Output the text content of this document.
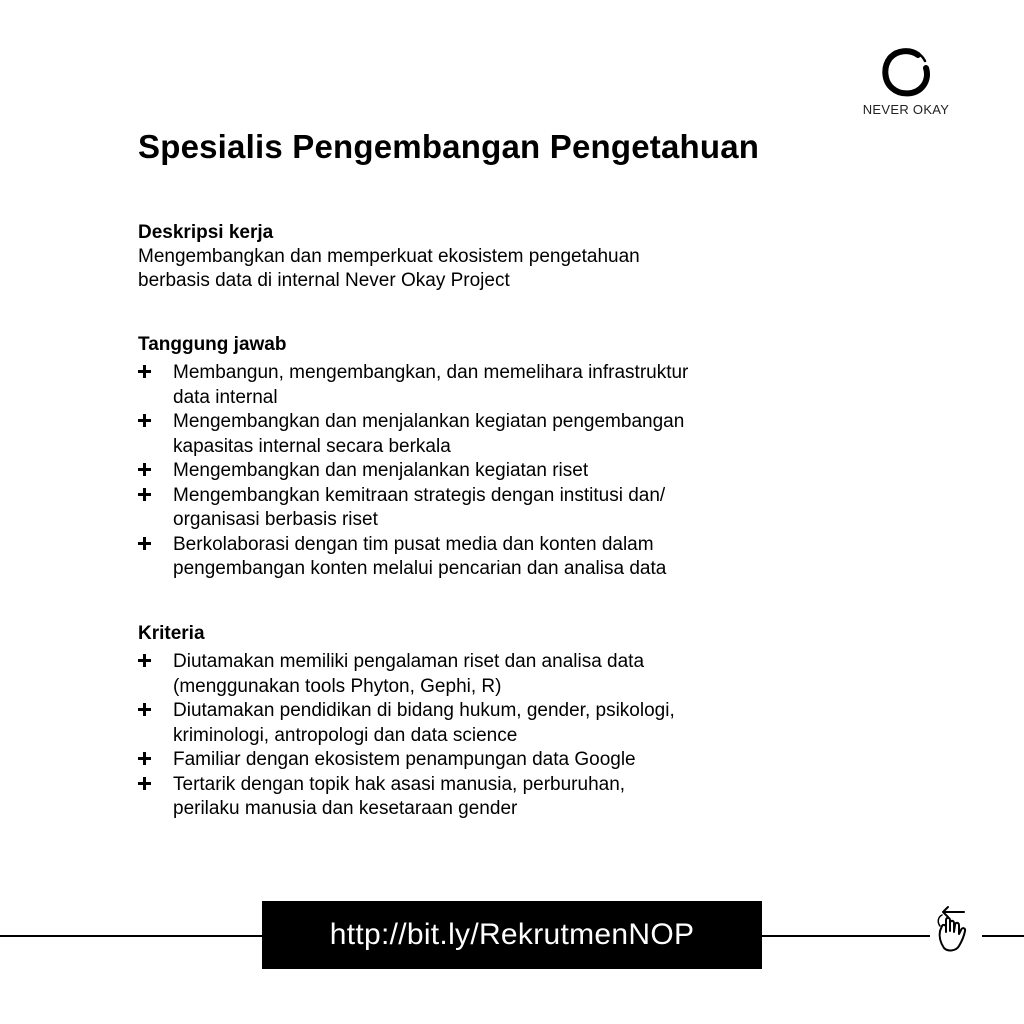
NEVER OKAY
Spesialis Pengembangan Pengetahuan

Deskripsi kerja

Mengembangkan dan memperkuat ekosistem pengetahuan

berbasis data di internal Never Okay Project

Tanggung jawab

Membangun, mengembangkan, dan memelihara infrastruktur
data internal
Mengembangkan dan menjalankan kegiatan pengembangan
kapasitas internal secara berkala
Mengembangkan dan menjalankan kegiatan riset
Mengembangkan kemitraan strategis dengan institusi dan/
organisasi berbasis riset
Berkolaborasi dengan tim pusat media dan konten dalam
pengembangan konten melalui pencarian dan analisa data

Kriteria

Diutamakan memiliki pengalaman riset dan analisa data
(menggunakan tools Phyton, Gephi, R)
Diutamakan pendidikan di bidang hukum, gender, psikologi,
kriminologi, antropologi dan data science
Familiar dengan ekosistem penampungan data Google
Tertarik dengan topik hak asasi manusia, perburuhan,
perilaku manusia dan kesetaraan gender
http://bit.ly/RekrutmenNOP
